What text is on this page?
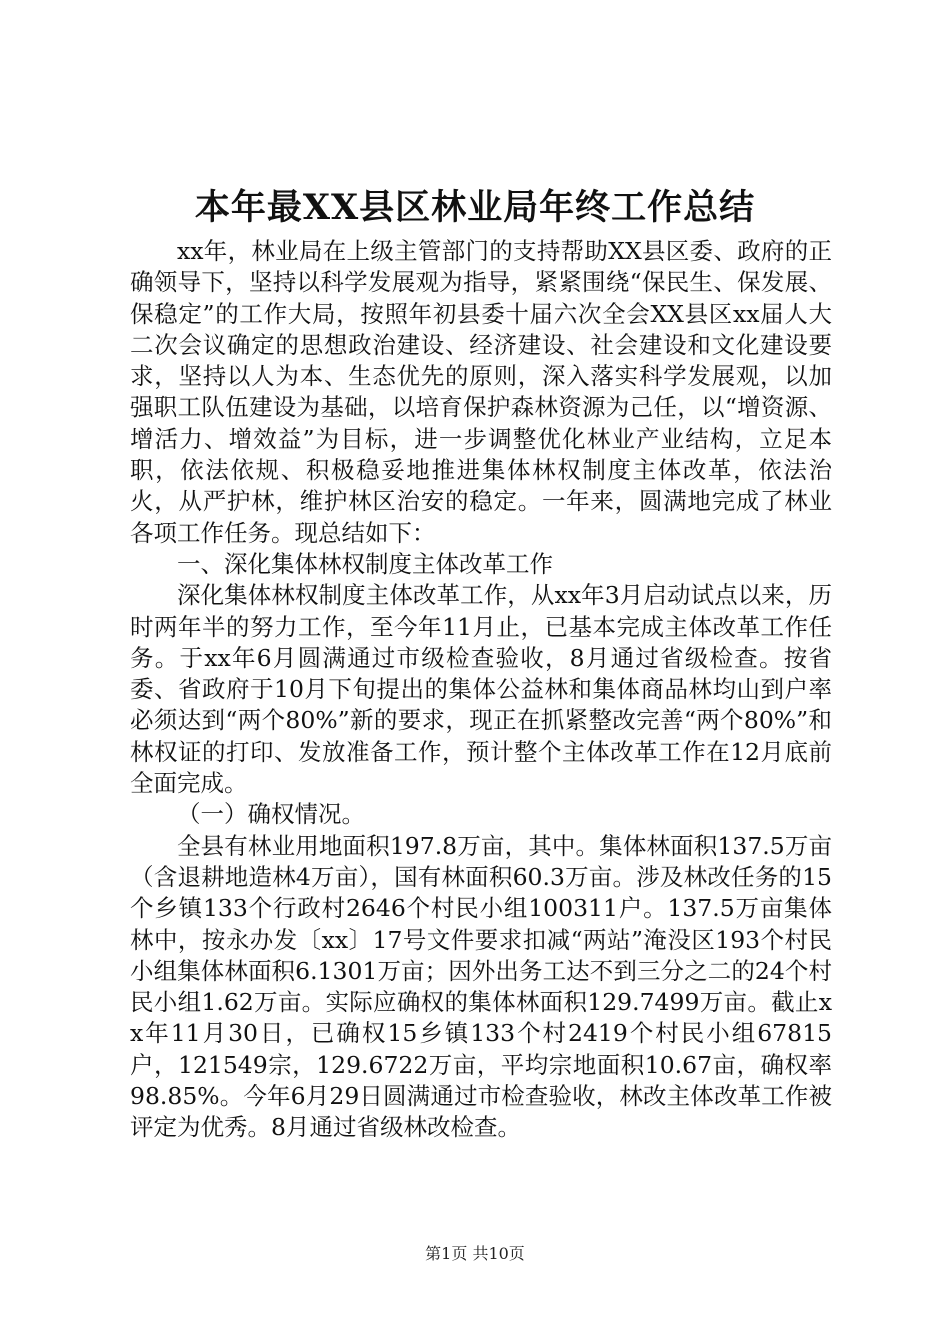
本年最XX县区林业局年终工作总结

xx年，林业局在上级主管部门的支持帮助XX县区委、政府的正确领导下，坚持以科学发展观为指导，紧紧围绕“保民生、保发展、保稳定”的工作大局，按照年初县委十届六次全会XX县区xx届人大二次会议确定的思想政治建设、经济建设、社会建设和文化建设要求，坚持以人为本、生态优先的原则，深入落实科学发展观，以加强职工队伍建设为基础，以培育保护森林资源为己任，以“增资源、增活力、增效益”为目标，进一步调整优化林业产业结构，立足本职，依法依规、积极稳妥地推进集体林权制度主体改革，依法治火，从严护林，维护林区治安的稳定。一年来，圆满地完成了林业各项工作任务。现总结如下：

一、深化集体林权制度主体改革工作

深化集体林权制度主体改革工作，从xx年3月启动试点以来，历时两年半的努力工作，至今年11月止，已基本完成主体改革工作任务。于xx年6月圆满通过市级检查验收，8月通过省级检查。按省委、省政府于10月下旬提出的集体公益林和集体商品林均山到户率必须达到“两个80%”新的要求，现正在抓紧整改完善“两个80%”和林权证的打印、发放准备工作，预计整个主体改革工作在12月底前全面完成。

（一）确权情况。

全县有林业用地面积197.8万亩，其中。集体林面积137.5万亩（含退耕地造林4万亩），国有林面积60.3万亩。涉及林改任务的15个乡镇133个行政村2646个村民小组100311户。137.5万亩集体林中，按永办发〔xx〕17号文件要求扣减“两站”淹没区193个村民小组集体林面积6.1301万亩；因外出务工达不到三分之二的24个村民小组1.62万亩。实际应确权的集体林面积129.7499万亩。截止xx年11月30日，已确权15乡镇133个村2419个村民小组67815户，121549宗，129.6722万亩，平均宗地面积10.67亩，确权率98.85%。今年6月29日圆满通过市检查验收，林改主体改革工作被评定为优秀。8月通过省级林改检查。

第1页 共10页
